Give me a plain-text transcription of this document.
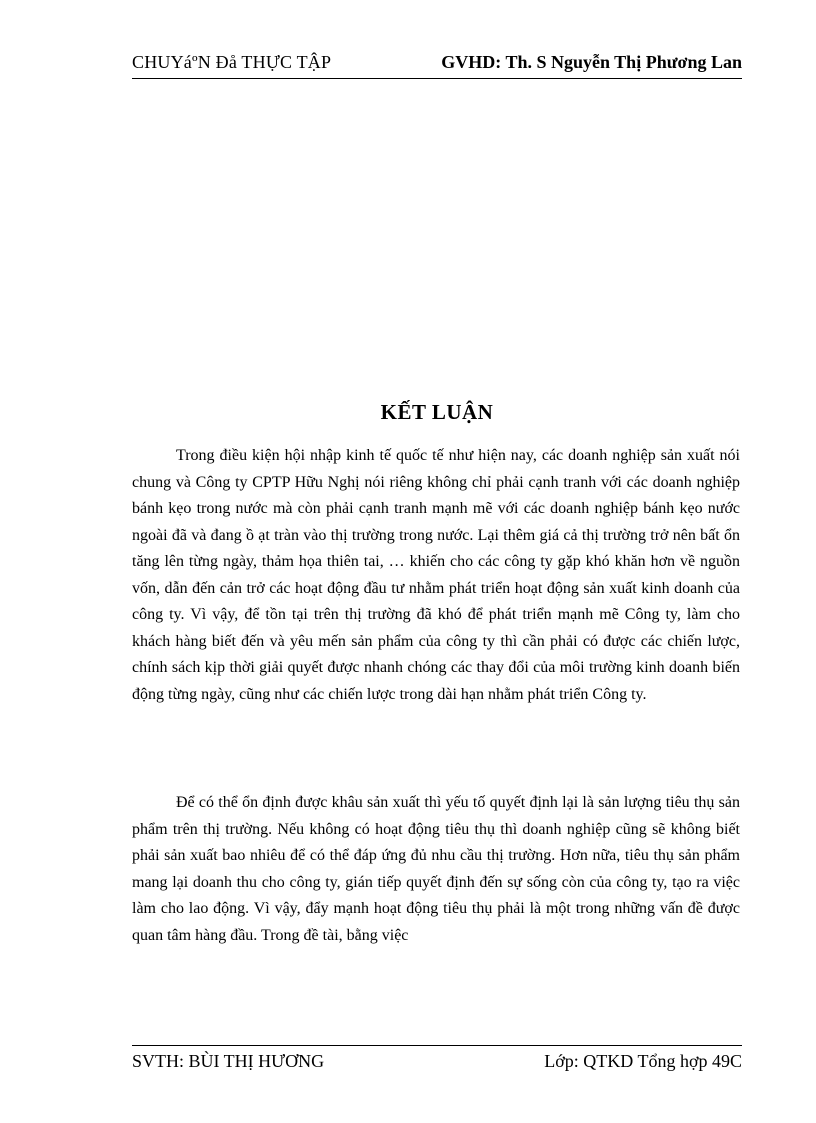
CHUYáºN Đå THỰC TẬP	GVHD: Th. S Nguyễn Thị Phương Lan
KẾT LUẬN

Trong điều kiện hội nhập kinh tế quốc tế như hiện nay, các doanh nghiệp sản xuất nói chung và Công ty CPTP Hữu Nghị nói riêng không chỉ phải cạnh tranh với các doanh nghiệp bánh kẹo trong nước mà còn phải cạnh tranh mạnh mẽ với các doanh nghiệp bánh kẹo nước ngoài đã và đang ồ ạt tràn vào thị trường trong nước. Lại thêm giá cả thị trường trở nên bất ổn tăng lên từng ngày, thảm họa thiên tai, … khiến cho các công ty gặp khó khăn hơn về nguồn vốn, dẫn đến cản trở các hoạt động đầu tư nhằm phát triển hoạt động sản xuất kinh doanh của công ty. Vì vậy, để tồn tại trên thị trường đã khó để phát triển mạnh mẽ Công ty, làm cho khách hàng biết đến và yêu mến sản phẩm của công ty thì cần phải có được các chiến lược, chính sách kịp thời giải quyết được nhanh chóng các thay đổi của môi trường kinh doanh biến động từng ngày, cũng như các chiến lược trong dài hạn nhằm phát triển Công ty.

Để có thể ổn định được khâu sản xuất thì yếu tố quyết định lại là sản lượng tiêu thụ sản phẩm trên thị trường. Nếu không có hoạt động tiêu thụ thì doanh nghiệp cũng sẽ không biết phải sản xuất bao nhiêu để có thể đáp ứng đủ nhu cầu thị trường. Hơn nữa, tiêu thụ sản phẩm mang lại doanh thu cho công ty, gián tiếp quyết định đến sự sống còn của công ty, tạo ra việc làm cho lao động. Vì vậy, đẩy mạnh hoạt động tiêu thụ phải là một trong những vấn đề được quan tâm hàng đầu. Trong đề tài, bằng việc

SVTH: BÙI THỊ HƯƠNG	Lớp: QTKD Tổng hợp 49C
